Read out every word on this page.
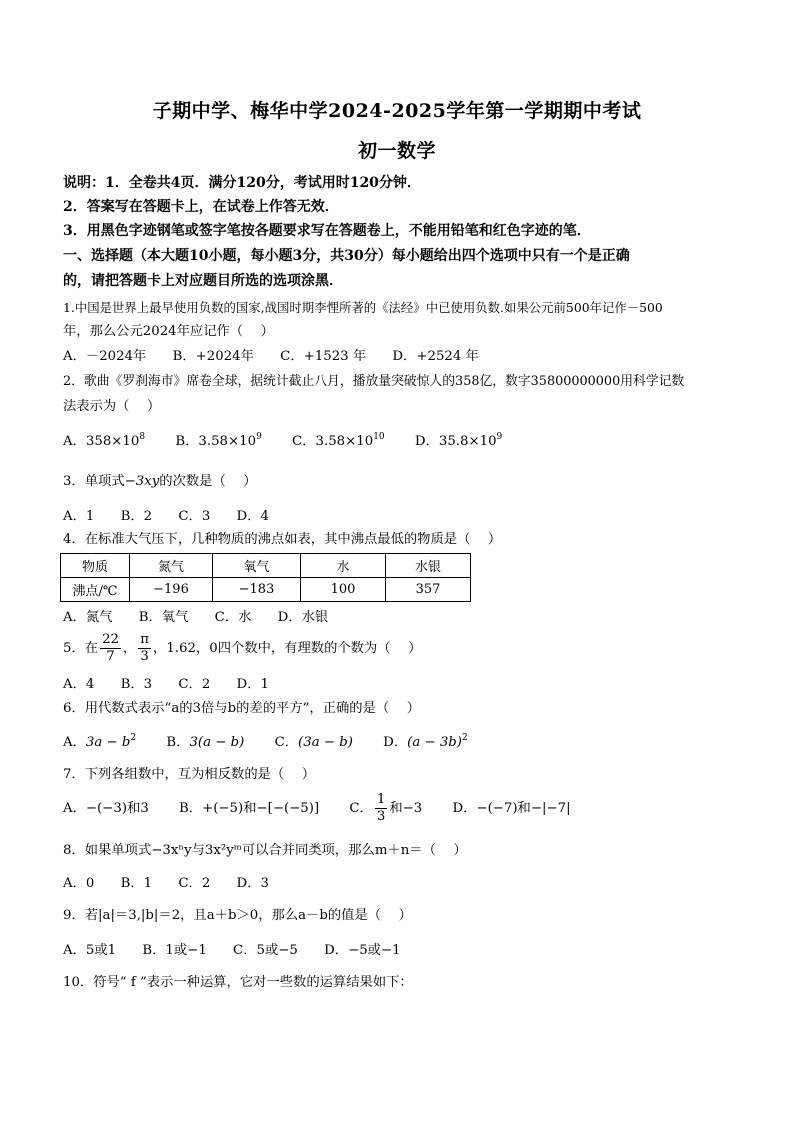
子期中学、梅华中学2024-2025学年第一学期期中考试
初一数学
说明：1．全卷共4页．满分120分，考试用时120分钟．
2．答案写在答题卡上，在试卷上作答无效．
3．用黑色字迹钢笔或签字笔按各题要求写在答题卷上，不能用铅笔和红色字迹的笔．
一、选择题（本大题10小题，每小题3分，共30分）每小题给出四个选项中只有一个是正确
的，请把答题卡上对应题目所选的选项涂黑．
1.中国是世界上最早使用负数的国家,战国时期李悝所著的《法经》中已使用负数.如果公元前500年记作－500
年，那么公元2024年应记作（　 ）
A．－2024年 B．+2024年 C．+1523 年 D．+2524 年
2．歌曲《罗刹海市》席卷全球，据统计截止八月，播放量突破惊人的358亿，数字35800000000用科学记数
法表示为（　 ）
A．$358\times 10^8$ B．$3.58\times 10^9$ C．$3.58\times 10^{10}$ D．$35.8\times 10^9$
3．单项式−3xy的次数是（　 ）
A．1 B．2 C．3 D．4
4．在标准大气压下，几种物质的沸点如表，其中沸点最低的物质是（　 ）
物质	氮气	氧气	水	水银
沸点/℃	−196	−183	100	357
A．氮气 B．氧气 C．水 D．水银
5．在 $\frac{22}{7}$ ， $\frac{\pi}{3}$ ，1.62，0四个数中，有理数的个数为（　 ）
A．4 B．3 C．2 D．1
6．用代数式表示“a的3倍与b的差的平方”，正确的是（　 ）
A．$3a - b^2$ B．3(a − b) C．(3a − b) D．$(a - 3b)^2$
7．下列各组数中，互为相反数的是（　 ）
A．−(−3)和3 B．+(−5)和−[−(−5)] C． $\frac{1}{3}$ 和−3 D．−(−7)和−|−7|
8．如果单项式−3xⁿy与3x²yᵐ可以合并同类项，那么m＋n＝（　 ）
A．0 B．1 C．2 D．3
9．若|a|＝3,|b|＝2，且a＋b＞0，那么a－b的值是（　 ）
A．5或1 B．1或−1 C．5或−5 D．−5或−1
10．符号“ f ”表示一种运算，它对一些数的运算结果如下：
